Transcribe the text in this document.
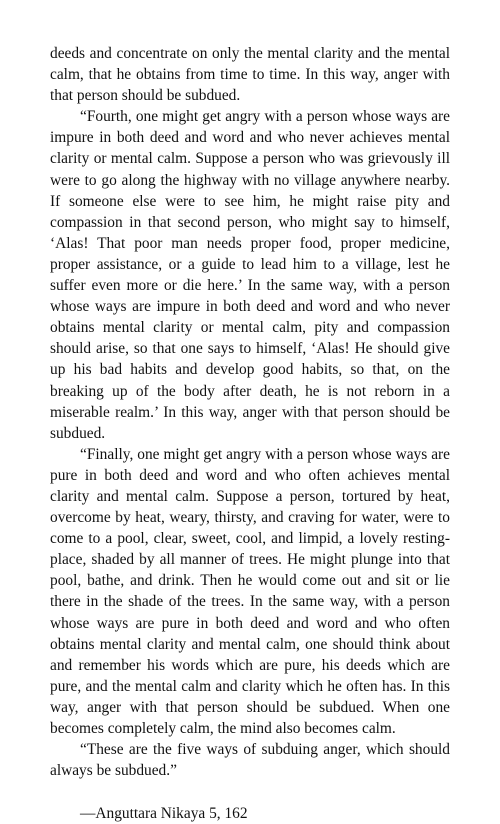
deeds and concentrate on only the mental clarity and the mental calm, that he obtains from time to time. In this way, anger with that person should be subdued.

“Fourth, one might get angry with a person whose ways are impure in both deed and word and who never achieves mental clarity or mental calm. Suppose a person who was grievously ill were to go along the highway with no village anywhere nearby. If someone else were to see him, he might raise pity and compassion in that second person, who might say to himself, ‘Alas! That poor man needs proper food, proper medicine, proper assistance, or a guide to lead him to a village, lest he suffer even more or die here.’ In the same way, with a person whose ways are impure in both deed and word and who never obtains mental clarity or mental calm, pity and compassion should arise, so that one says to himself, ‘Alas! He should give up his bad habits and develop good habits, so that, on the breaking up of the body after death, he is not reborn in a miserable realm.’ In this way, anger with that person should be subdued.

“Finally, one might get angry with a person whose ways are pure in both deed and word and who often achieves mental clarity and mental calm. Suppose a person, tortured by heat, overcome by heat, weary, thirsty, and craving for water, were to come to a pool, clear, sweet, cool, and limpid, a lovely resting-place, shaded by all manner of trees. He might plunge into that pool, bathe, and drink. Then he would come out and sit or lie there in the shade of the trees. In the same way, with a person whose ways are pure in both deed and word and who often obtains mental clarity and mental calm, one should think about and remember his words which are pure, his deeds which are pure, and the mental calm and clarity which he often has. In this way, anger with that person should be subdued. When one becomes completely calm, the mind also becomes calm.

“These are the five ways of subduing anger, which should always be subdued.”

—Anguttara Nikaya 5, 162
